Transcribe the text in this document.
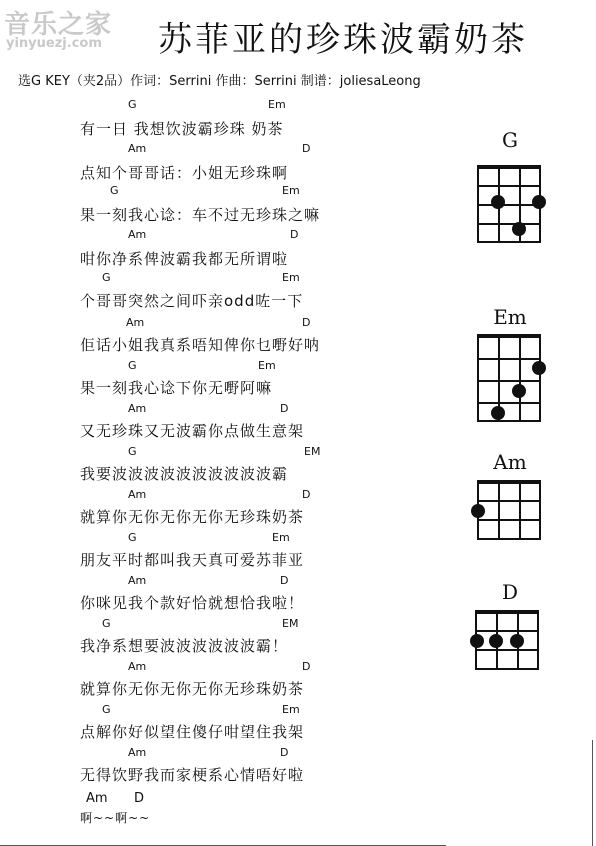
音乐之家
yinyuezj.com 苏菲亚的珍珠波霸奶茶
选G KEY（夹2品）作词：Serrini 作曲：Serrini 制谱：joliesaLeong
G	Em
有一日 我想饮波霸珍珠 奶茶
Am	D
点知个哥哥话：小姐无珍珠啊
G	Em
果一刻我心谂：车不过无珍珠之嘛
Am	D
咁你净系俾波霸我都无所谓啦
G	Em
个哥哥突然之间吓亲odd咗一下
Am	D
佢话小姐我真系唔知俾你乜嘢好呐
G	Em
果一刻我心谂下你无嘢阿嘛
Am	D
又无珍珠又无波霸你点做生意架
G	EM
我要波波波波波波波波波波霸
Am	D
就算你无你无你无你无珍珠奶茶
G	Em
朋友平时都叫我天真可爱苏菲亚
Am	D
你咪见我个款好恰就想恰我啦！
G	EM
我净系想要波波波波波波霸！
Am	D
就算你无你无你无你无珍珠奶茶
G	Em
点解你好似望住傻仔咁望住我架
Am	D
无得饮野我而家梗系心情唔好啦
Am D
啊~~啊~~
G
Em
Am
D
